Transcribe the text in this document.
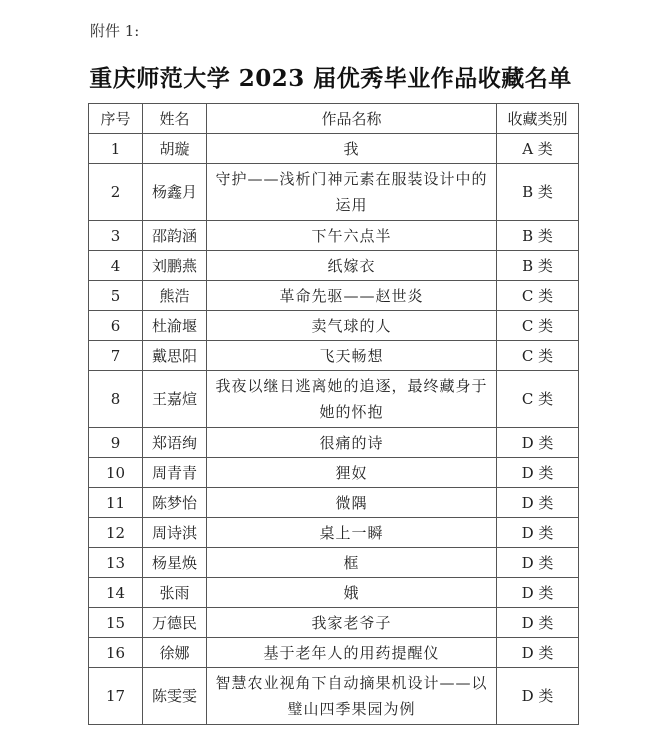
附件 1:
重庆师范大学 2023 届优秀毕业作品收藏名单
序号	姓名	作品名称	收藏类别
1	胡璇	我	A 类
2	杨鑫月	守护——浅析门神元素在服装设计中的运用	B 类
3	邵韵涵	下午六点半	B 类
4	刘鹏燕	纸嫁衣	B 类
5	熊浩	革命先驱——赵世炎	C 类
6	杜渝堰	卖气球的人	C 类
7	戴思阳	飞天畅想	C 类
8	王嘉煊	我夜以继日逃离她的追逐，最终藏身于她的怀抱	C 类
9	郑语绚	很痛的诗	D 类
10	周青青	狸奴	D 类
11	陈梦怡	微隅	D 类
12	周诗淇	桌上一瞬	D 类
13	杨星焕	框	D 类
14	张雨	娥	D 类
15	万德民	我家老爷子	D 类
16	徐娜	基于老年人的用药提醒仪	D 类
17	陈雯雯	智慧农业视角下自动摘果机设计——以璧山四季果园为例	D 类
